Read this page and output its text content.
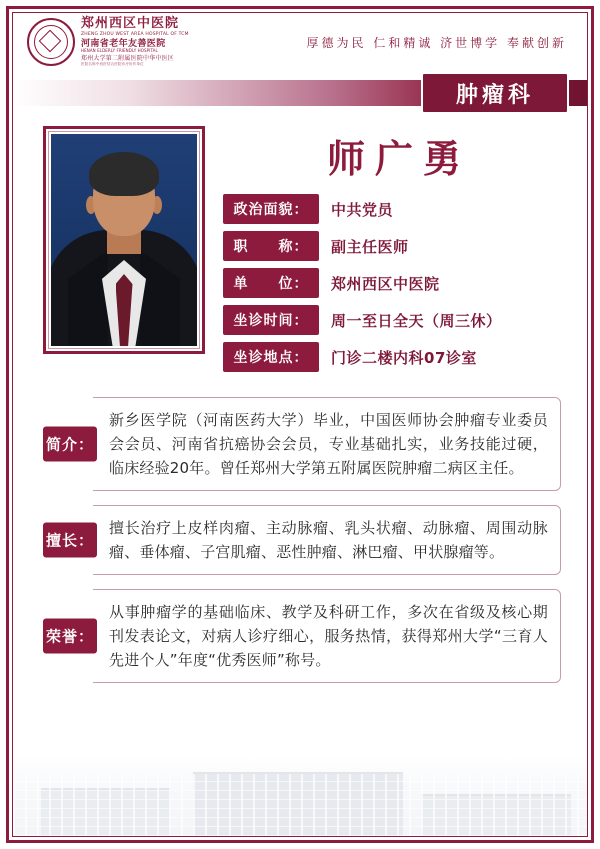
郑州西区中医院
ZHENG ZHOU WEST AREA HOSPITAL OF TCM
河南省老年友善医院
HENAN ELDERLY FRIENDLY HOSPITAL
郑州大学第二附属医院中华中医区
医院名称中西医结合医院诊疗协作单位
厚德为民 仁和精诚 济世博学 奉献创新
肿瘤科
师广勇
政治面貌：	中共党员
职　　称：	副主任医师
单　　位：	郑州西区中医院
坐诊时间：	周一至日全天（周三休）
坐诊地点：	门诊二楼内科07诊室
简介：
新乡医学院（河南医药大学）毕业，中国医师协会肿瘤专业委员会会员、河南省抗癌协会会员，专业基础扎实，业务技能过硬，临床经验20年。曾任郑州大学第五附属医院肿瘤二病区主任。
擅长：
擅长治疗上皮样肉瘤、主动脉瘤、乳头状瘤、动脉瘤、周围动脉瘤、垂体瘤、子宫肌瘤、恶性肿瘤、淋巴瘤、甲状腺瘤等。
荣誉：
从事肿瘤学的基础临床、教学及科研工作，多次在省级及核心期刊发表论文，对病人诊疗细心，服务热情，获得郑州大学“三育人先进个人”年度“优秀医师”称号。
